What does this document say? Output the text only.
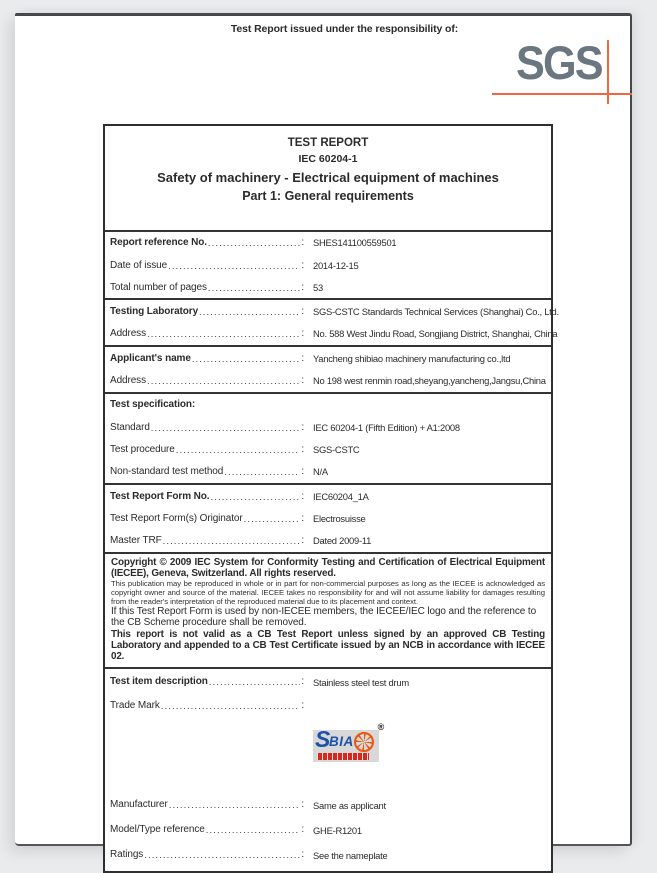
Test Report issued under the responsibility of:
SGS
TEST REPORT
IEC 60204-1
Safety of machinery - Electrical equipment of machines
Part 1: General requirements
Report reference No. .....	: SHES141100559501
Date of issue .....	: 2014-12-15
Total number of pages .....	: 53
Testing Laboratory .....	: SGS-CSTC Standards Technical Services (Shanghai) Co., Ltd.
Address .....	: No. 588 West Jindu Road, Songjiang District, Shanghai, China
Applicant's name .....	: Yancheng shibiao machinery manufacturing co.,ltd
Address .....	: No 198 west renmin road,sheyang,yancheng,Jangsu,China
Test specification:
Standard .....	: IEC 60204-1 (Fifth Edition) + A1:2008
Test procedure .....	: SGS-CSTC
Non-standard test method .....	: N/A
Test Report Form No. .....	: IEC60204_1A
Test Report Form(s) Originator .....	: Electrosuisse
Master TRF .....	: Dated 2009-11

Copyright © 2009 IEC System for Conformity Testing and Certification of Electrical Equipment (IECEE), Geneva, Switzerland. All rights reserved.

This publication may be reproduced in whole or in part for non-commercial purposes as long as the IECEE is acknowledged as copyright owner and source of the material. IECEE takes no responsibility for and will not assume liability for damages resulting from the reader's interpretation of the reproduced material due to its placement and context.

If this Test Report Form is used by non-IECEE members, the IECEE/IEC logo and the reference to the CB Scheme procedure shall be removed.

This report is not valid as a CB Test Report unless signed by an approved CB Testing Laboratory and appended to a CB Test Certificate issued by an NCB in accordance with IECEE 02.

Test item description .....	: Stainless steel test drum
Trade Mark .....	:
S
BIA
®
Manufacturer .....	: Same as applicant
Model/Type reference .....	: GHE-R1201
Ratings .....	: See the nameplate
